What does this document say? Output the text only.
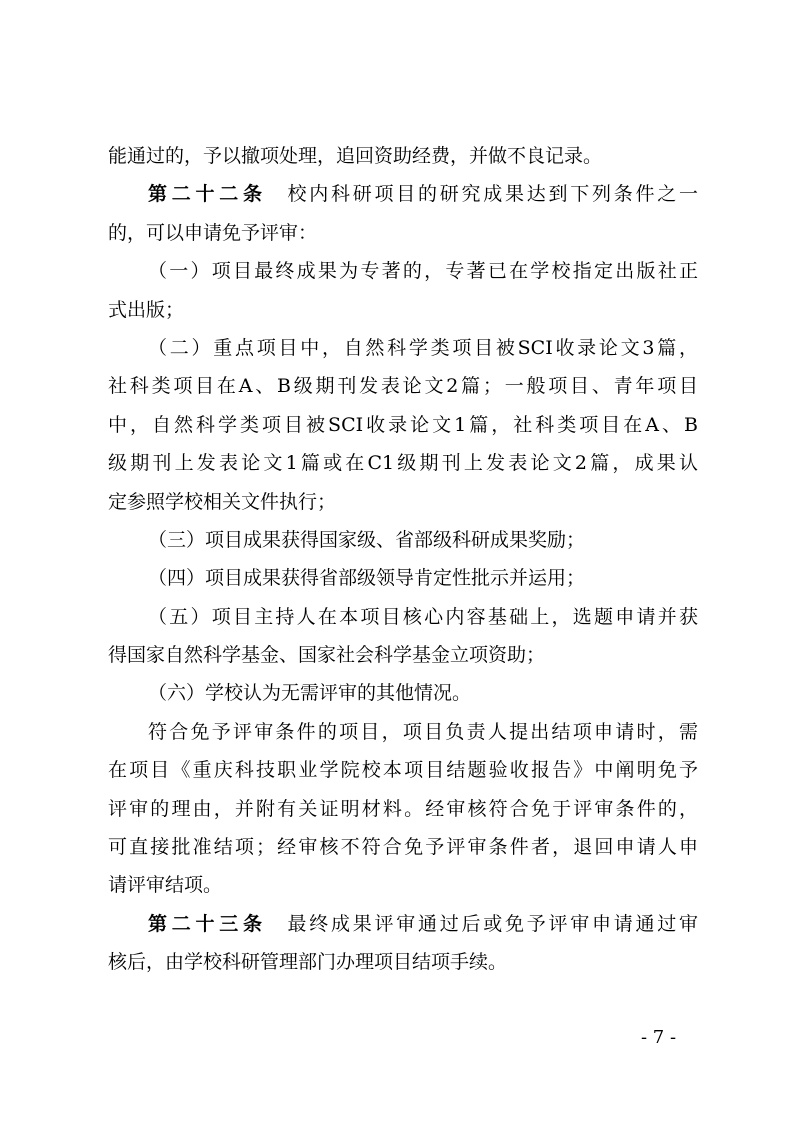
能通过的，予以撤项处理，追回资助经费，并做不良记录。
第二十二条 校内科研项目的研究成果达到下列条件之一
的，可以申请免予评审：
（一）项目最终成果为专著的，专著已在学校指定出版社正
式出版；
（二）重点项目中，自然科学类项目被SCI收录论文3篇，
社科类项目在A、B级期刊发表论文2篇；一般项目、青年项目
中，自然科学类项目被SCI收录论文1篇，社科类项目在A、B
级期刊上发表论文1篇或在C1级期刊上发表论文2篇，成果认
定参照学校相关文件执行；
（三）项目成果获得国家级、省部级科研成果奖励；
（四）项目成果获得省部级领导肯定性批示并运用；
（五）项目主持人在本项目核心内容基础上，选题申请并获
得国家自然科学基金、国家社会科学基金立项资助；
（六）学校认为无需评审的其他情况。
符合免予评审条件的项目，项目负责人提出结项申请时，需
在项目《重庆科技职业学院校本项目结题验收报告》中阐明免予
评审的理由，并附有关证明材料。经审核符合免于评审条件的，
可直接批准结项；经审核不符合免予评审条件者，退回申请人申
请评审结项。
第二十三条 最终成果评审通过后或免予评审申请通过审
核后，由学校科研管理部门办理项目结项手续。
- 7 -
